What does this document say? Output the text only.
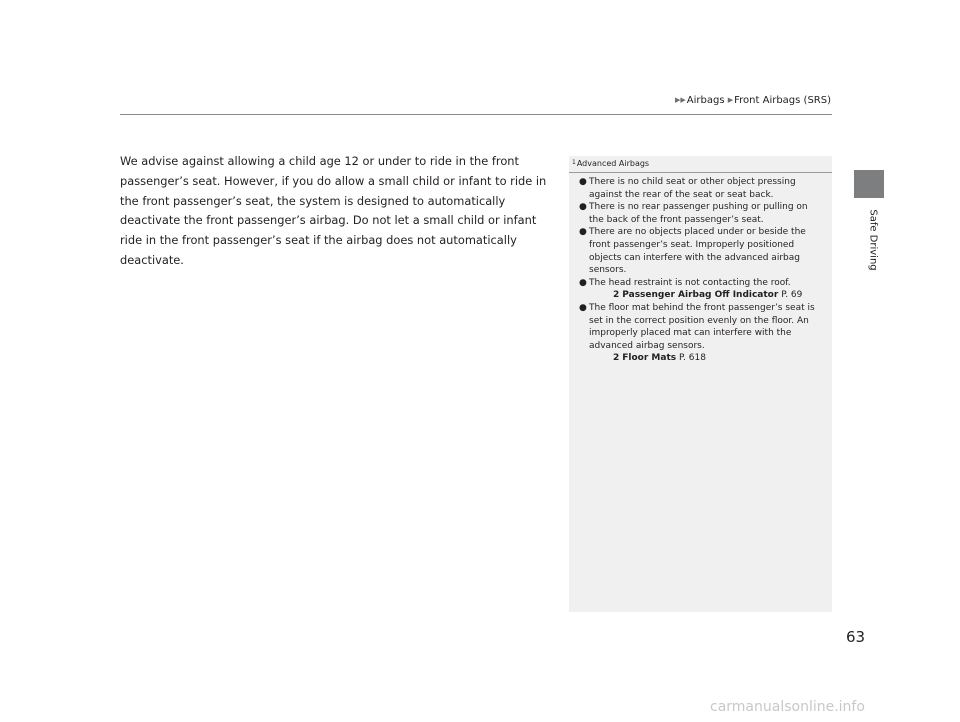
▶▶Airbags ▶Front Airbags (SRS)
Safe Driving

We advise against allowing a child age 12 or under to ride in the front passenger’s seat. However, if you do allow a small child or infant to ride in the front passenger’s seat, the system is designed to automatically deactivate the front passenger’s airbag. Do not let a small child or infant ride in the front passenger’s seat if the airbag does not automatically deactivate.

$^1$Advanced Airbags
● There is no child seat or other object pressing against the rear of the seat or seat back.
● There is no rear passenger pushing or pulling on the back of the front passenger’s seat.
● There are no objects placed under or beside the front passenger’s seat. Improperly positioned objects can interfere with the advanced airbag sensors.
● The head restraint is not contacting the roof.
2 Passenger Airbag Off Indicator P. 69
● The floor mat behind the front passenger’s seat is set in the correct position evenly on the floor. An improperly placed mat can interfere with the advanced airbag sensors.
2 Floor Mats P. 618
63
carmanualsonline.info
